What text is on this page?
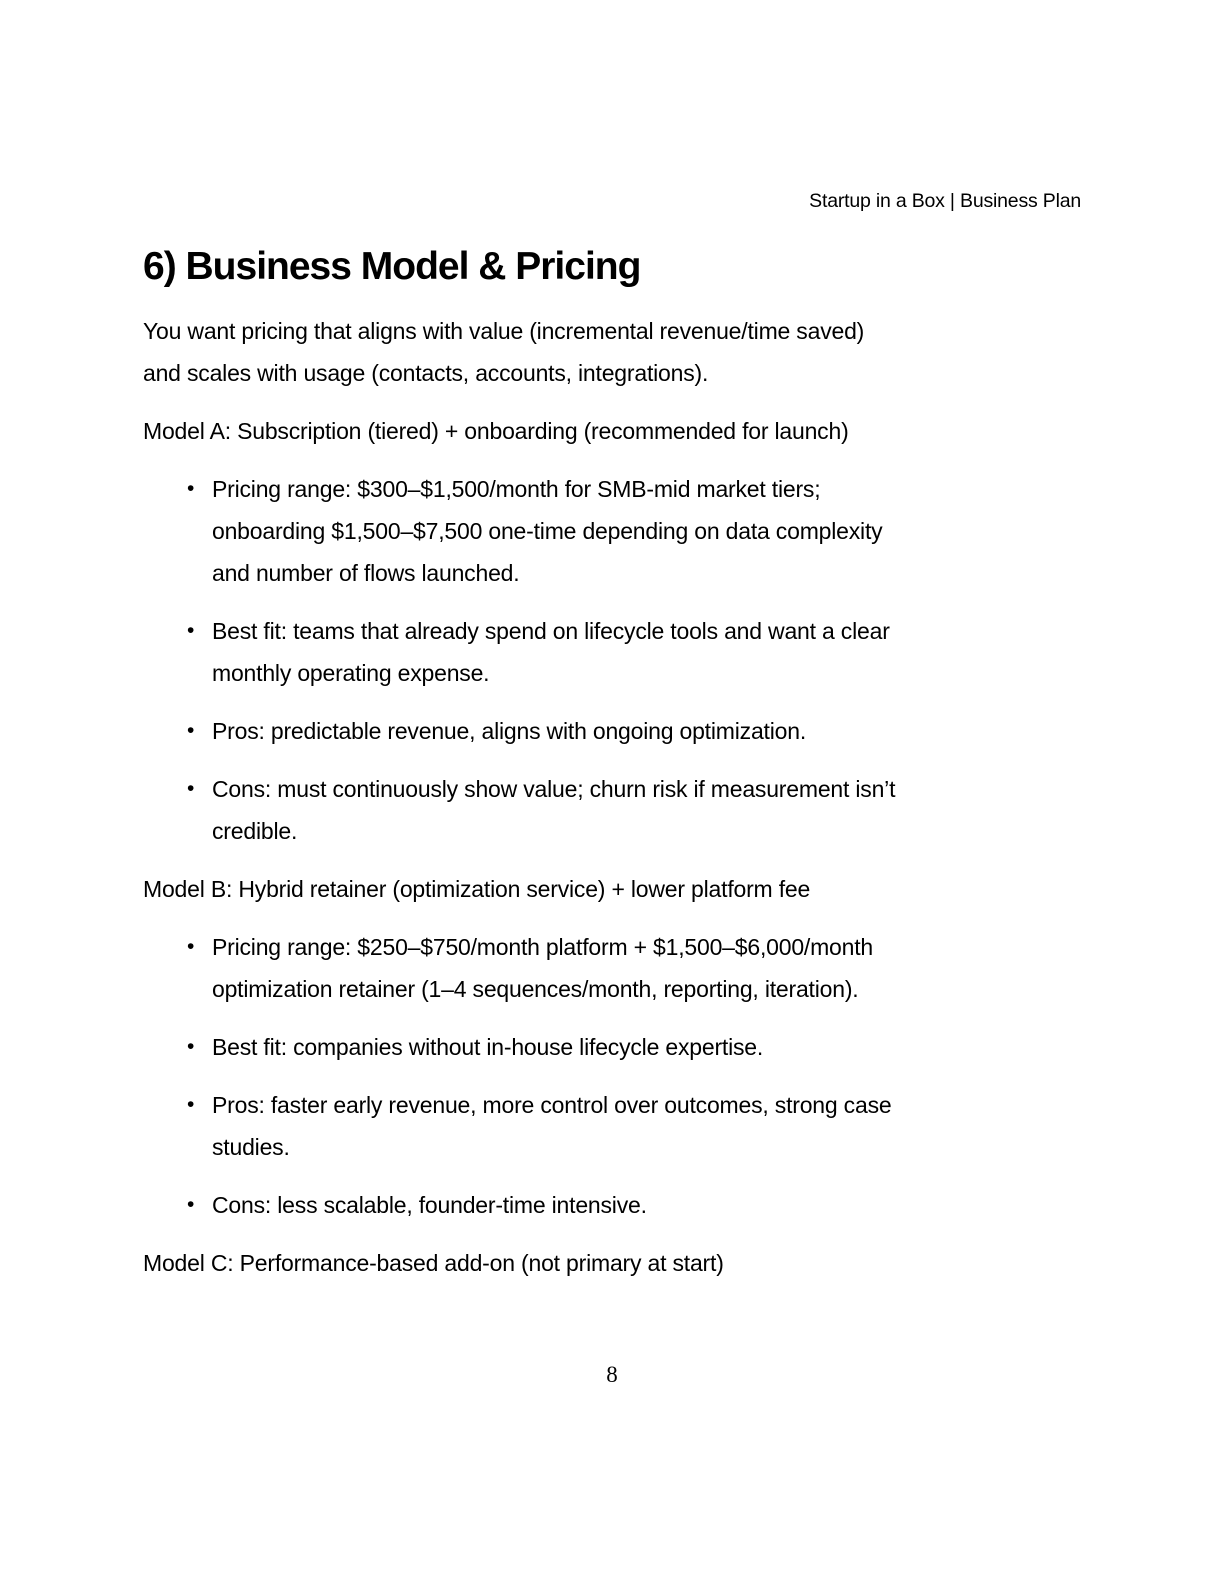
Startup in a Box | Business Plan
6) Business Model & Pricing

You want pricing that aligns with value (incremental revenue/time saved)
and scales with usage (contacts, accounts, integrations).

Model A: Subscription (tiered) + onboarding (recommended for launch)

• Pricing range: $300–$1,500/month for SMB-mid market tiers;
onboarding $1,500–$7,500 one-time depending on data complexity
and number of flows launched.
• Best fit: teams that already spend on lifecycle tools and want a clear
monthly operating expense.
• Pros: predictable revenue, aligns with ongoing optimization.
• Cons: must continuously show value; churn risk if measurement isn’t
credible.

Model B: Hybrid retainer (optimization service) + lower platform fee

• Pricing range: $250–$750/month platform + $1,500–$6,000/month
optimization retainer (1–4 sequences/month, reporting, iteration).
• Best fit: companies without in-house lifecycle expertise.
• Pros: faster early revenue, more control over outcomes, strong case
studies.
• Cons: less scalable, founder-time intensive.

Model C: Performance-based add-on (not primary at start)

8
